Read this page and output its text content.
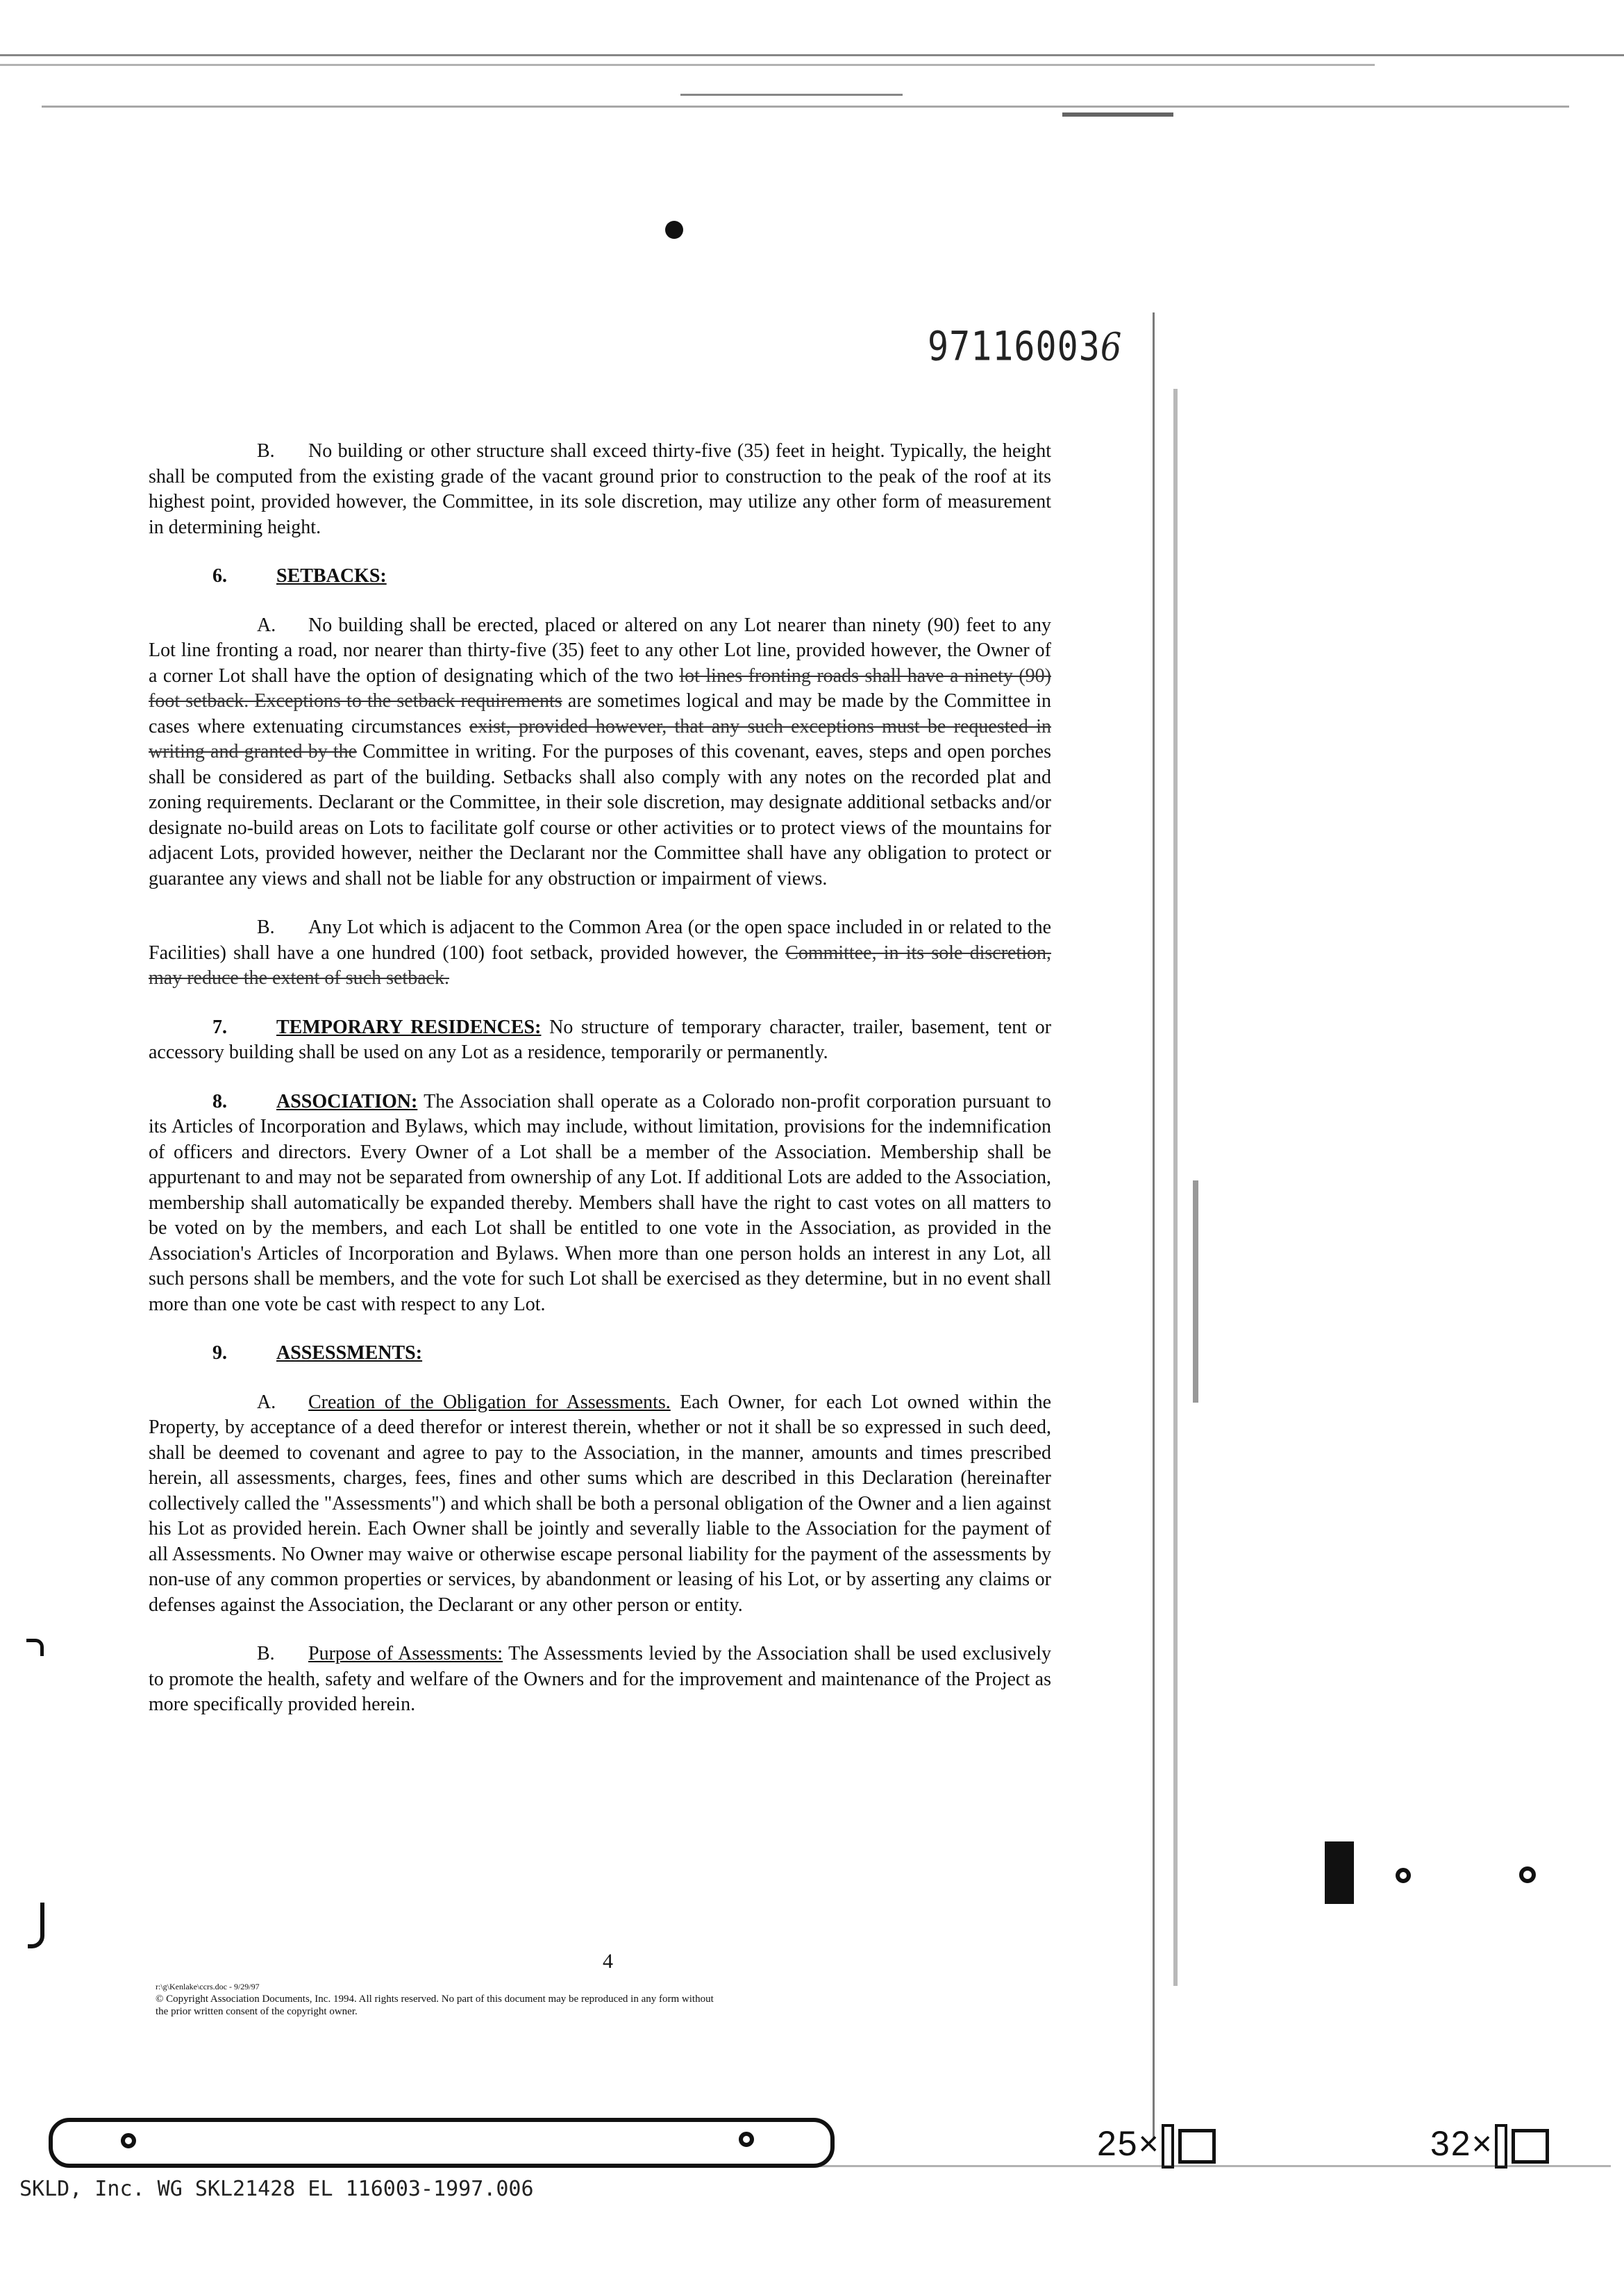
971160036

B. No building or other structure shall exceed thirty-five (35) feet in height. Typically, the height shall be computed from the existing grade of the vacant ground prior to construction to the peak of the roof at its highest point, provided however, the Committee, in its sole discretion, may utilize any other form of measurement in determining height.

6.	SETBACKS:

A. No building shall be erected, placed or altered on any Lot nearer than ninety (90) feet to any Lot line fronting a road, nor nearer than thirty-five (35) feet to any other Lot line, provided however, the Owner of a corner Lot shall have the option of designating which of the two lot lines fronting roads shall have a ninety (90) foot setback. Exceptions to the setback requirements are sometimes logical and may be made by the Committee in cases where extenuating circumstances exist, provided however, that any such exceptions must be requested in writing and granted by the Committee in writing. For the purposes of this covenant, eaves, steps and open porches shall be considered as part of the building. Setbacks shall also comply with any notes on the recorded plat and zoning requirements. Declarant or the Committee, in their sole discretion, may designate additional setbacks and/or designate no-build areas on Lots to facilitate golf course or other activities or to protect views of the mountains for adjacent Lots, provided however, neither the Declarant nor the Committee shall have any obligation to protect or guarantee any views and shall not be liable for any obstruction or impairment of views.

B. Any Lot which is adjacent to the Common Area (or the open space included in or related to the Facilities) shall have a one hundred (100) foot setback, provided however, the Committee, in its sole discretion, may reduce the extent of such setback.

7.	TEMPORARY RESIDENCES: No structure of temporary character, trailer, basement, tent or accessory building shall be used on any Lot as a residence, temporarily or permanently.

8.	ASSOCIATION: The Association shall operate as a Colorado non-profit corporation pursuant to its Articles of Incorporation and Bylaws, which may include, without limitation, provisions for the indemnification of officers and directors. Every Owner of a Lot shall be a member of the Association. Membership shall be appurtenant to and may not be separated from ownership of any Lot. If additional Lots are added to the Association, membership shall automatically be expanded thereby. Members shall have the right to cast votes on all matters to be voted on by the members, and each Lot shall be entitled to one vote in the Association, as provided in the Association's Articles of Incorporation and Bylaws. When more than one person holds an interest in any Lot, all such persons shall be members, and the vote for such Lot shall be exercised as they determine, but in no event shall more than one vote be cast with respect to any Lot.

9.	ASSESSMENTS:

A. Creation of the Obligation for Assessments. Each Owner, for each Lot owned within the Property, by acceptance of a deed therefor or interest therein, whether or not it shall be so expressed in such deed, shall be deemed to covenant and agree to pay to the Association, in the manner, amounts and times prescribed herein, all assessments, charges, fees, fines and other sums which are described in this Declaration (hereinafter collectively called the "Assessments") and which shall be both a personal obligation of the Owner and a lien against his Lot as provided herein. Each Owner shall be jointly and severally liable to the Association for the payment of all Assessments. No Owner may waive or otherwise escape personal liability for the payment of the assessments by non-use of any common properties or services, by abandonment or leasing of his Lot, or by asserting any claims or defenses against the Association, the Declarant or any other person or entity.

B. Purpose of Assessments: The Assessments levied by the Association shall be used exclusively to promote the health, safety and welfare of the Owners and for the improvement and maintenance of the Project as more specifically provided herein.

4
r:\g\Kenlake\ccrs.doc - 9/29/97
© Copyright Association Documents, Inc. 1994. All rights reserved. No part of this document may be reproduced in any form without
the prior written consent of the copyright owner.
25×	32×
SKLD, Inc. WG SKL21428 EL 116003-1997.006
